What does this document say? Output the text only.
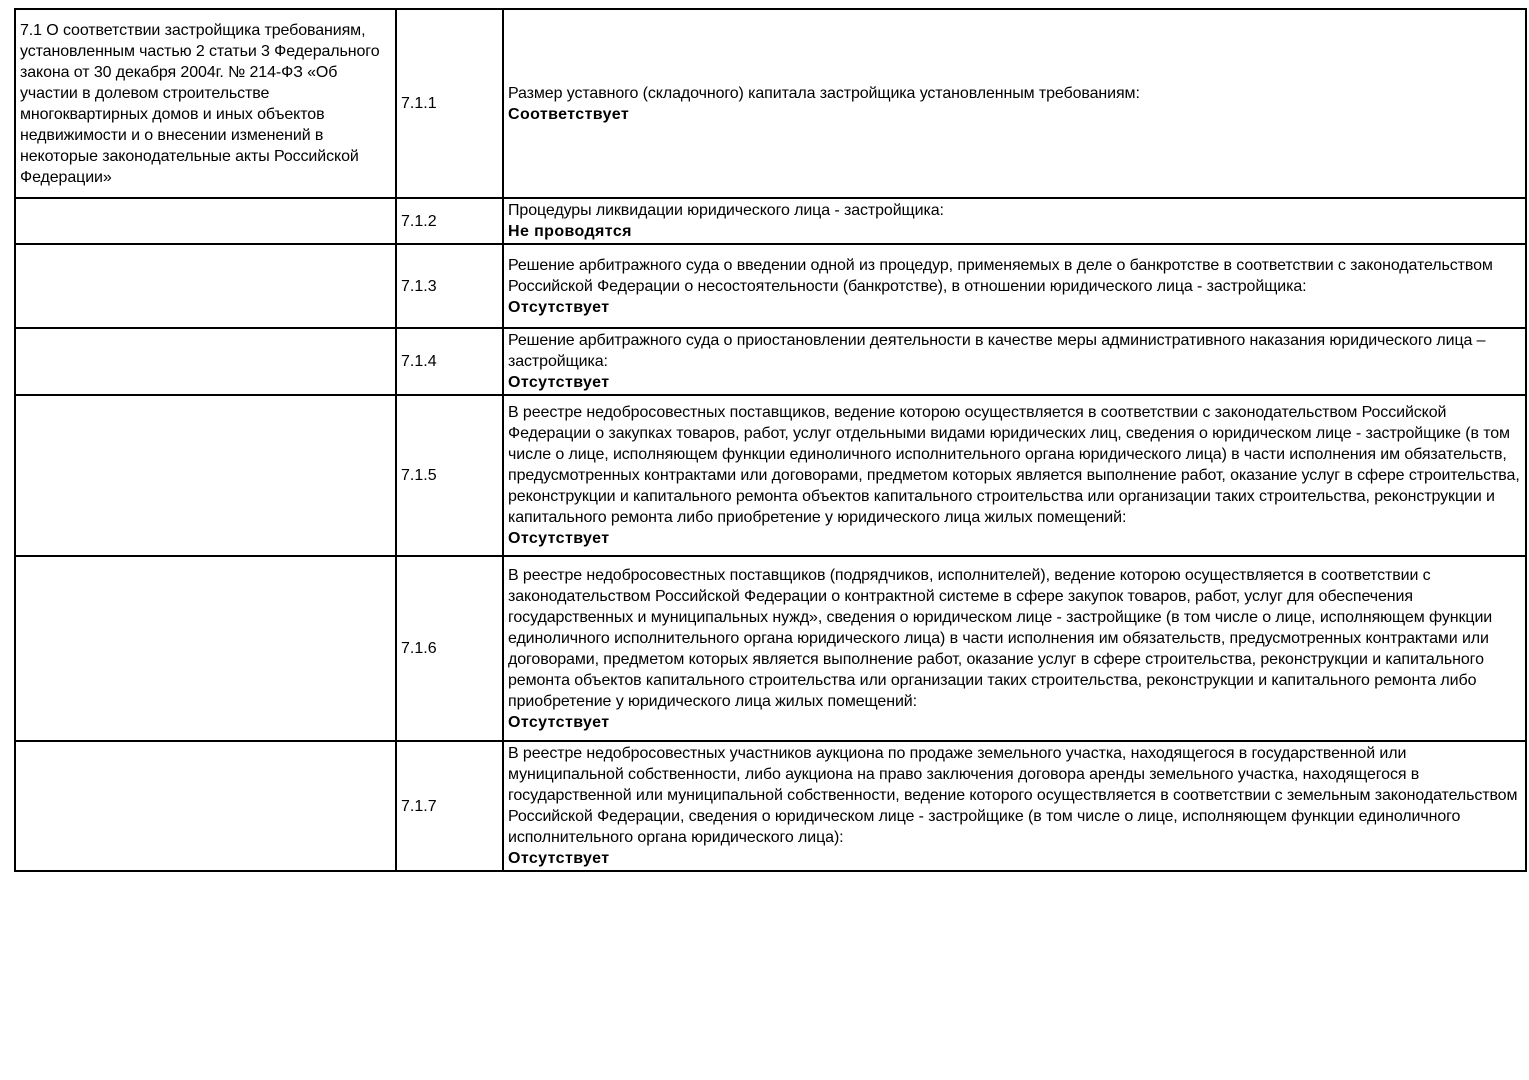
7.1 О соответствии застройщика требованиям, установленным частью 2 статьи 3 Федерального закона от 30 декабря 2004г. № 214-ФЗ «Об участии в долевом строительстве многоквартирных домов и иных объектов недвижимости и о внесении изменений в некоторые законодательные акты Российской Федерации»	7.1.1	Размер уставного (складочного) капитала застройщика установленным требованиям:
Соответствует

	7.1.2	Процедуры ликвидации юридического лица - застройщика:
Не проводятся

	7.1.3	Решение арбитражного суда о введении одной из процедур, применяемых в деле о банкротстве в соответствии с законодательством Российской Федерации о несостоятельности (банкротстве), в отношении юридического лица - застройщика:
Отсутствует

	7.1.4	Решение арбитражного суда о приостановлении деятельности в качестве меры административного наказания юридического лица – застройщика:
Отсутствует

	7.1.5	В реестре недобросовестных поставщиков, ведение которою осуществляется в соответствии с законодательством Российской Федерации о закупках товаров, работ, услуг отдельными видами юридических лиц, сведения о юридическом лице - застройщике (в том числе о лице, исполняющем функции единоличного исполнительного органа юридического лица) в части исполнения им обязательств, предусмотренных контрактами или договорами, предметом которых является выполнение работ, оказание услуг в сфере строительства, реконструкции и капитального ремонта объектов капитального строительства или организации таких строительства, реконструкции и капитального ремонта либо приобретение у юридического лица жилых помещений:
Отсутствует

	7.1.6	В реестре недобросовестных поставщиков (подрядчиков, исполнителей), ведение которою осуществляется в соответствии с законодательством Российской Федерации о контрактной системе в сфере закупок товаров, работ, услуг для обеспечения государственных и муниципальных нужд», сведения о юридическом лице - застройщике (в том числе о лице, исполняющем функции единоличного исполнительного органа юридического лица) в части исполнения им обязательств, предусмотренных контрактами или договорами, предметом которых является выполнение работ, оказание услуг в сфере строительства, реконструкции и капитального ремонта объектов капитального строительства или организации таких строительства, реконструкции и капитального ремонта либо приобретение у юридического лица жилых помещений:
Отсутствует

	7.1.7	В реестре недобросовестных участников аукциона по продаже земельного участка, находящегося в государственной или муниципальной собственности, либо аукциона на право заключения договора аренды земельного участка, находящегося в государственной или муниципальной собственности, ведение которого осуществляется в соответствии с земельным законодательством Российской Федерации, сведения о юридическом лице - застройщике (в том числе о лице, исполняющем функции единоличного исполнительного органа юридического лица):
Отсутствует
